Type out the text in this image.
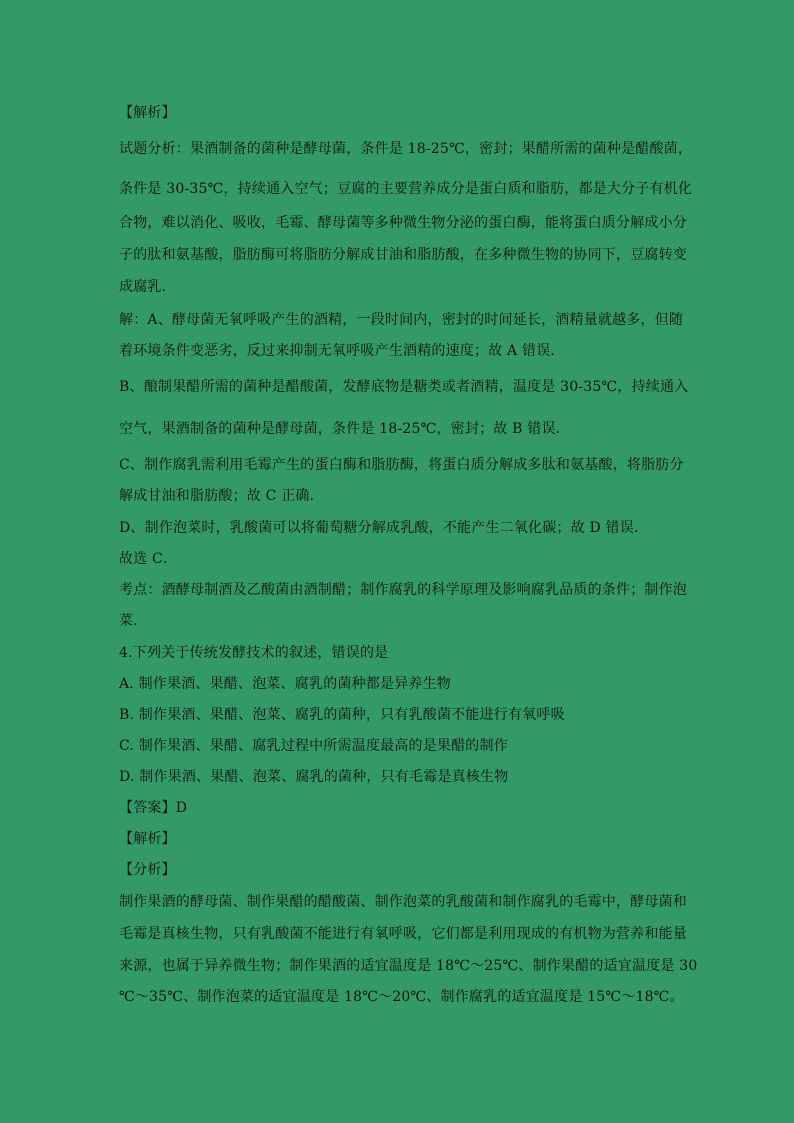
【解析】
试题分析：果酒制备的菌种是酵母菌，条件是 18-25℃，密封；果醋所需的菌种是醋酸菌，
条件是 30-35℃，持续通入空气；豆腐的主要营养成分是蛋白质和脂肪，都是大分子有机化
合物，难以消化、吸收，毛霉、酵母菌等多种微生物分泌的蛋白酶，能将蛋白质分解成小分
子的肽和氨基酸，脂肪酶可将脂肪分解成甘油和脂肪酸，在多种微生物的协同下，豆腐转变
成腐乳．
解：A、酵母菌无氧呼吸产生的酒精，一段时间内，密封的时间延长，酒精量就越多，但随
着环境条件变恶劣，反过来抑制无氧呼吸产生酒精的速度；故 A 错误．
B、酿制果醋所需的菌种是醋酸菌，发酵底物是糖类或者酒精，温度是 30-35℃，持续通入
空气，果酒制备的菌种是酵母菌，条件是 18-25℃，密封；故 B 错误．
C、制作腐乳需利用毛霉产生的蛋白酶和脂肪酶，将蛋白质分解成多肽和氨基酸，将脂肪分
解成甘油和脂肪酸；故 C 正确．
D、制作泡菜时，乳酸菌可以将葡萄糖分解成乳酸，不能产生二氧化碳；故 D 错误．
故选 C．
考点：酒酵母制酒及乙酸菌由酒制醋；制作腐乳的科学原理及影响腐乳品质的条件；制作泡
菜．
4.下列关于传统发酵技术的叙述，错误的是
A. 制作果酒、果醋、泡菜、腐乳的菌种都是异养生物
B. 制作果酒、果醋、泡菜、腐乳的菌种，只有乳酸菌不能进行有氧呼吸
C. 制作果酒、果醋、腐乳过程中所需温度最高的是果醋的制作
D. 制作果酒、果醋、泡菜、腐乳的菌种，只有毛霉是真核生物
【答案】D
【解析】
【分析】
制作果酒的酵母菌、制作果醋的醋酸菌、制作泡菜的乳酸菌和制作腐乳的毛霉中，酵母菌和
毛霉是真核生物，只有乳酸菌不能进行有氧呼吸，它们都是利用现成的有机物为营养和能量
来源，也属于异养微生物；制作果酒的适宜温度是 18℃～25℃、制作果醋的适宜温度是 30
℃～35℃、制作泡菜的适宜温度是 18℃～20℃、制作腐乳的适宜温度是 15℃～18℃。
